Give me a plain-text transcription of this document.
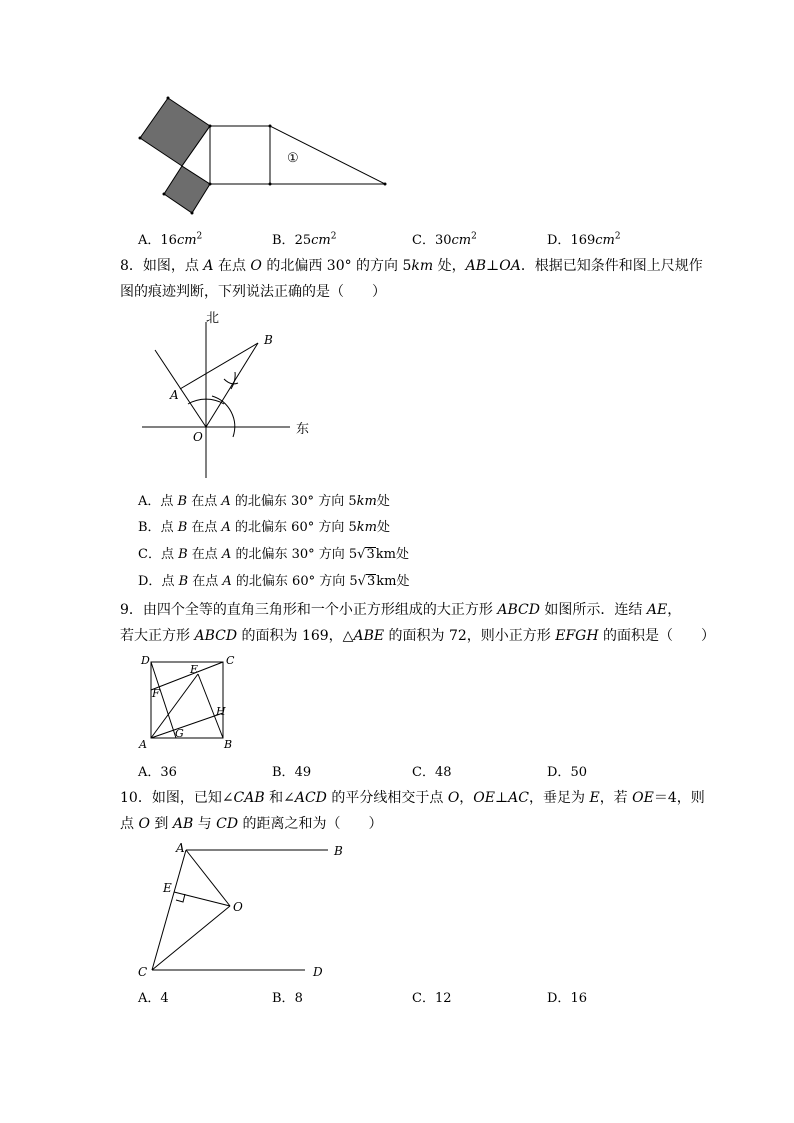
①
A．$16cm^2$	B．$25cm^2$	C．$30cm^2$	D．$169cm^2$
8．如图，点 A 在点 O 的北偏西 30° 的方向 5km 处，AB⊥OA．根据已知条件和图上尺规作
图的痕迹判断，下列说法正确的是（　　）
北
东
B
A
O
A．点 B 在点 A 的北偏东 30° 方向 5km处
B．点 B 在点 A 的北偏东 60° 方向 5km处
C．点 B 在点 A 的北偏东 30° 方向 5√3km处
D．点 B 在点 A 的北偏东 60° 方向 5√3km处
9．由四个全等的直角三角形和一个小正方形组成的大正方形 ABCD 如图所示．连结 AE，
若大正方形 ABCD 的面积为 169，△ABE 的面积为 72，则小正方形 EFGH 的面积是（　　）
D	C
E
F
H
G
A	B
A．36	B．49	C．48	D．50
10．如图，已知∠CAB 和∠ACD 的平分线相交于点 O，OE⊥AC，垂足为 E，若 OE＝4，则
点 O 到 AB 与 CD 的距离之和为（　　）
A	B
E
O
C	D
A．4	B．8	C．12	D．16
